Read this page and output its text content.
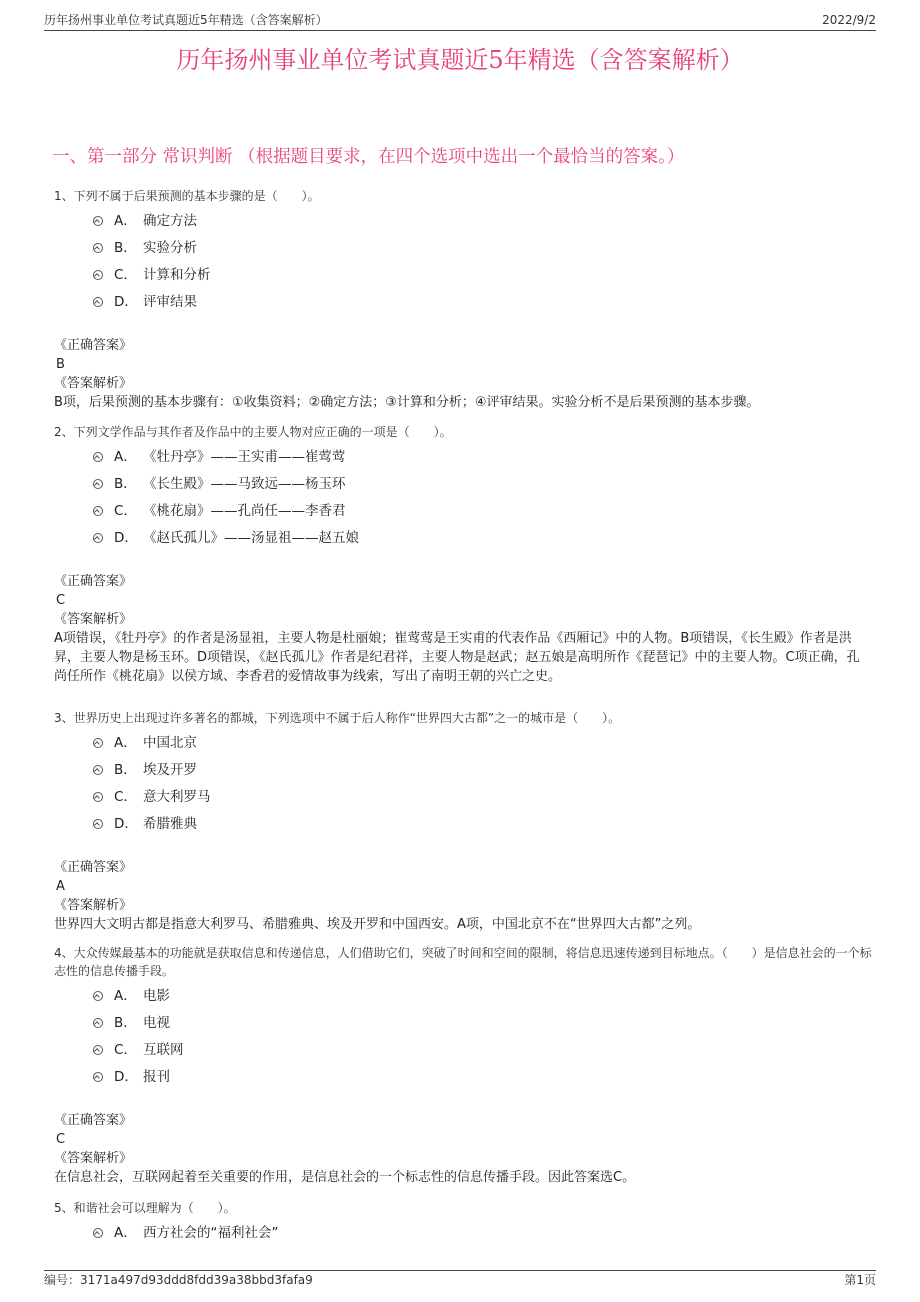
历年扬州事业单位考试真题近5年精选（含答案解析）	2022/9/2
历年扬州事业单位考试真题近5年精选（含答案解析）
一、第一部分 常识判断 （根据题目要求，在四个选项中选出一个最恰当的答案。）
1、下列不属于后果预测的基本步骤的是（　　）。
A． 确定方法
B． 实验分析
C． 计算和分析
D． 评审结果
《正确答案》
B
《答案解析》
B项，后果预测的基本步骤有：①收集资料；②确定方法；③计算和分析；④评审结果。实验分析不是后果预测的基本步骤。
2、下列文学作品与其作者及作品中的主要人物对应正确的一项是（　　）。
A． 《牡丹亭》——王实甫——崔莺莺
B． 《长生殿》——马致远——杨玉环
C． 《桃花扇》——孔尚任——李香君
D． 《赵氏孤儿》——汤显祖——赵五娘
《正确答案》
C
《答案解析》
A项错误，《牡丹亭》的作者是汤显祖，主要人物是杜丽娘；崔莺莺是王实甫的代表作品《西厢记》中的人物。B项错误，《长生殿》作者是洪昇，主要人物是杨玉环。D项错误，《赵氏孤儿》作者是纪君祥，主要人物是赵武；赵五娘是高明所作《琵琶记》中的主要人物。C项正确，孔尚任所作《桃花扇》以侯方域、李香君的爱情故事为线索，写出了南明王朝的兴亡之史。
3、世界历史上出现过许多著名的都城，下列选项中不属于后人称作“世界四大古都”之一的城市是（　　）。
A． 中国北京
B． 埃及开罗
C． 意大利罗马
D． 希腊雅典
《正确答案》
A
《答案解析》
世界四大文明古都是指意大利罗马、希腊雅典、埃及开罗和中国西安。A项，中国北京不在“世界四大古都”之列。
4、大众传媒最基本的功能就是获取信息和传递信息，人们借助它们，突破了时间和空间的限制，将信息迅速传递到目标地点。（　　）是信息社会的一个标志性的信息传播手段。
A． 电影
B． 电视
C． 互联网
D． 报刊
《正确答案》
C
《答案解析》
在信息社会，互联网起着至关重要的作用，是信息社会的一个标志性的信息传播手段。因此答案选C。
5、和谐社会可以理解为（　　）。
A． 西方社会的“福利社会”
编号：3171a497d93ddd8fdd39a38bbd3fafa9	第1页
